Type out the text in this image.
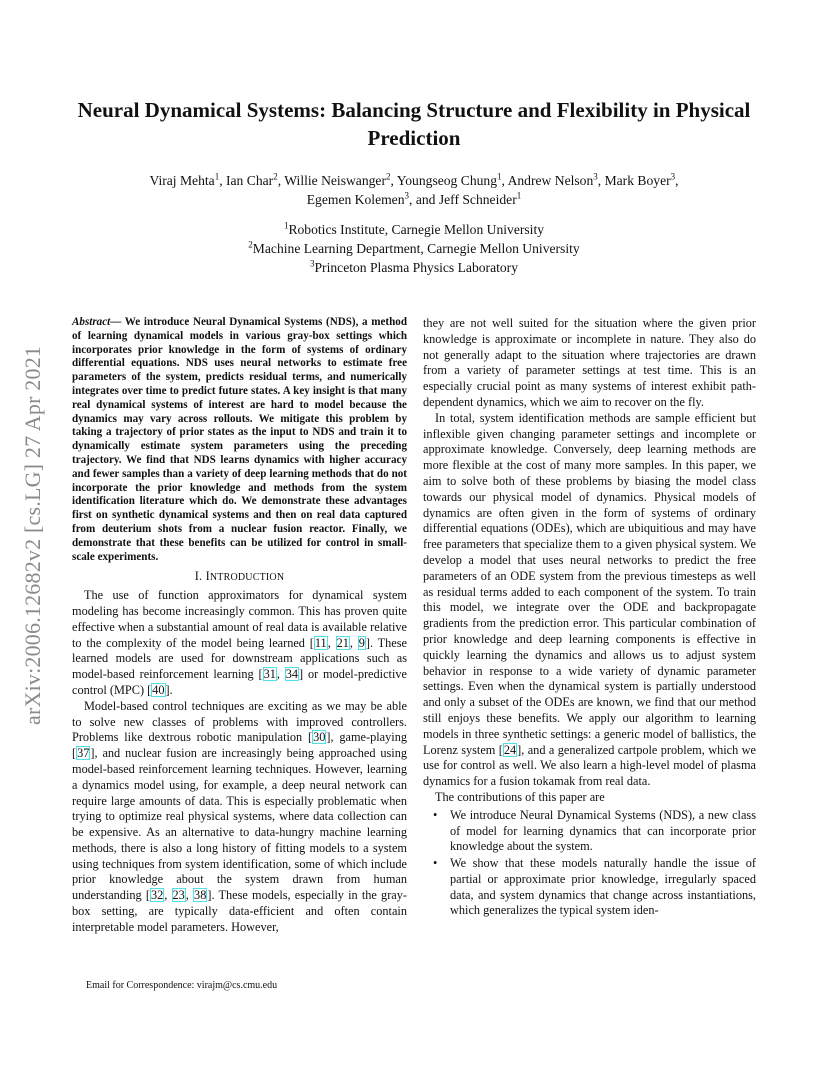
arXiv:2006.12682v2 [cs.LG] 27 Apr 2021
Neural Dynamical Systems: Balancing Structure and Flexibility in Physical Prediction
Viraj Mehta$^1$, Ian Char$^2$, Willie Neiswanger$^2$, Youngseog Chung$^1$, Andrew Nelson$^3$, Mark Boyer$^3$,
Egemen Kolemen$^3$, and Jeff Schneider$^1$
$^1$Robotics Institute, Carnegie Mellon University
$^2$Machine Learning Department, Carnegie Mellon University
$^3$Princeton Plasma Physics Laboratory

Abstract— We introduce Neural Dynamical Systems (NDS), a method of learning dynamical models in various gray-box settings which incorporates prior knowledge in the form of systems of ordinary differential equations. NDS uses neural networks to estimate free parameters of the system, predicts residual terms, and numerically integrates over time to predict future states. A key insight is that many real dynamical systems of interest are hard to model because the dynamics may vary across rollouts. We mitigate this problem by taking a trajectory of prior states as the input to NDS and train it to dynamically estimate system parameters using the preceding trajectory. We find that NDS learns dynamics with higher accuracy and fewer samples than a variety of deep learning methods that do not incorporate the prior knowledge and methods from the system identification literature which do. We demonstrate these advantages first on synthetic dynamical systems and then on real data captured from deuterium shots from a nuclear fusion reactor. Finally, we demonstrate that these benefits can be utilized for control in small-scale experiments.

I. INTRODUCTION

The use of function approximators for dynamical system modeling has become increasingly common. This has proven quite effective when a substantial amount of real data is available relative to the complexity of the model being learned [11, 21, 9]. These learned models are used for downstream applications such as model-based reinforcement learning [31, 34] or model-predictive control (MPC) [40].

Model-based control techniques are exciting as we may be able to solve new classes of problems with improved controllers. Problems like dextrous robotic manipulation [30], game-playing [37], and nuclear fusion are increasingly being approached using model-based reinforcement learning techniques. However, learning a dynamics model using, for example, a deep neural network can require large amounts of data. This is especially problematic when trying to optimize real physical systems, where data collection can be expensive. As an alternative to data-hungry machine learning methods, there is also a long history of fitting models to a system using techniques from system identification, some of which include prior knowledge about the system drawn from human understanding [32, 23, 38]. These models, especially in the gray-box setting, are typically data-efficient and often contain interpretable model parameters. However,

they are not well suited for the situation where the given prior knowledge is approximate or incomplete in nature. They also do not generally adapt to the situation where trajectories are drawn from a variety of parameter settings at test time. This is an especially crucial point as many systems of interest exhibit path-dependent dynamics, which we aim to recover on the fly.

In total, system identification methods are sample efficient but inflexible given changing parameter settings and incomplete or approximate knowledge. Conversely, deep learning methods are more flexible at the cost of many more samples. In this paper, we aim to solve both of these problems by biasing the model class towards our physical model of dynamics. Physical models of dynamics are often given in the form of systems of ordinary differential equations (ODEs), which are ubiquitious and may have free parameters that specialize them to a given physical system. We develop a model that uses neural networks to predict the free parameters of an ODE system from the previous timesteps as well as residual terms added to each component of the system. To train this model, we integrate over the ODE and backpropagate gradients from the prediction error. This particular combination of prior knowledge and deep learning components is effective in quickly learning the dynamics and allows us to adjust system behavior in response to a wide variety of dynamic parameter settings. Even when the dynamical system is partially understood and only a subset of the ODEs are known, we find that our method still enjoys these benefits. We apply our algorithm to learning models in three synthetic settings: a generic model of ballistics, the Lorenz system [24], and a generalized cartpole problem, which we use for control as well. We also learn a high-level model of plasma dynamics for a fusion tokamak from real data.

The contributions of this paper are

• We introduce Neural Dynamical Systems (NDS), a new class of model for learning dynamics that can incorporate prior knowledge about the system.
• We show that these models naturally handle the issue of partial or approximate prior knowledge, irregularly spaced data, and system dynamics that change across instantiations, which generalizes the typical system iden-
Email for Correspondence: virajm@cs.cmu.edu
